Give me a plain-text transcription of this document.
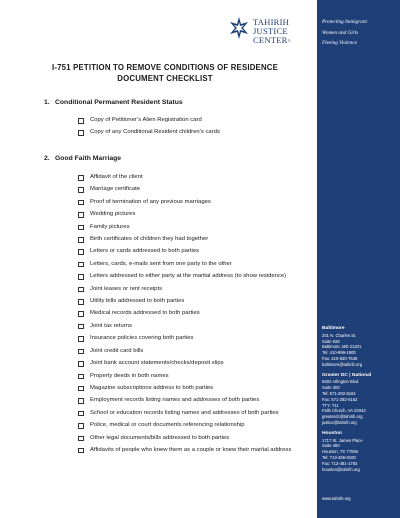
Protecting Immigrant
Women and Girls
Fleeing Violence
TAHIRIH
JUSTICE
CENTER®
I-751 PETITION TO REMOVE CONDITIONS OF RESIDENCE
DOCUMENT CHECKLIST
1. Conditional Permanent Resident Status
Copy of Petitioner’s Alien Registration card
Copy of any Conditional Resident children’s cards
2. Good Faith Marriage
Affidavit of the client
Marriage certificate
Proof of termination of any previous marriages
Wedding pictures
Family pictures
Birth certificates of children they had together
Letters or cards addressed to both parties
Letters, cards, e-mails sent from one party to the other
Letters addressed to either party at the marital address (to show residence)
Joint leases or rent receipts
Utility bills addressed to both parties
Medical records addressed to both parties
Joint tax returns
Insurance policies covering both parties
Joint credit card bills
Joint bank account statements/checks/deposit slips
Property deeds in both names
Magazine subscriptions address to both parties
Employment records listing names and addresses of both parties
School or education records listing names and addresses of both parties
Police, medical or court documents referencing relationship
Other legal documents/bills addressed to both parties
Affidavits of people who knew them as a couple or knew their marital address
Baltimore
201 N. Charles St.
Suite 926
Baltimore, MD 21201
Tel: 410-999-1900
Fax: 410-630-7539
baltimore@tahirih.org
Greater DC | National
6402 Arlington Blvd.
Suite 300
Tel: 571-282-6161
Fax: 571-282-6162
TTY: 711
Falls Church, VA 22042
greaterdc@tahirih.org
justice@tahirih.org
Houston
1717 St. James Place
Suite 450
Houston, TX 77056
Tel: 713-496-0100
Fax: 713-481-1793
houston@tahirih.org
www.tahirih.org
